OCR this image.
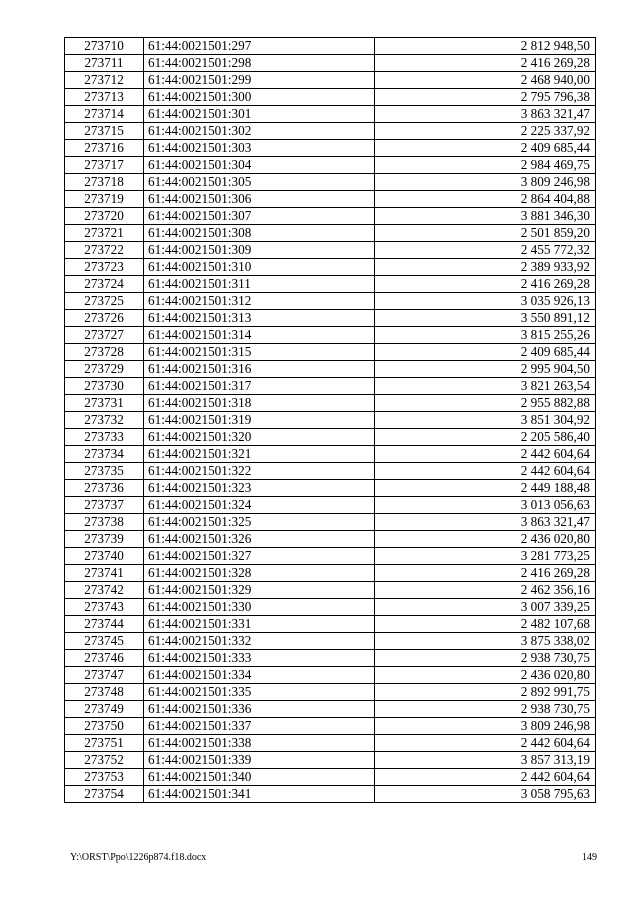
273710	61:44:0021501:297	2 812 948,50
273711	61:44:0021501:298	2 416 269,28
273712	61:44:0021501:299	2 468 940,00
273713	61:44:0021501:300	2 795 796,38
273714	61:44:0021501:301	3 863 321,47
273715	61:44:0021501:302	2 225 337,92
273716	61:44:0021501:303	2 409 685,44
273717	61:44:0021501:304	2 984 469,75
273718	61:44:0021501:305	3 809 246,98
273719	61:44:0021501:306	2 864 404,88
273720	61:44:0021501:307	3 881 346,30
273721	61:44:0021501:308	2 501 859,20
273722	61:44:0021501:309	2 455 772,32
273723	61:44:0021501:310	2 389 933,92
273724	61:44:0021501:311	2 416 269,28
273725	61:44:0021501:312	3 035 926,13
273726	61:44:0021501:313	3 550 891,12
273727	61:44:0021501:314	3 815 255,26
273728	61:44:0021501:315	2 409 685,44
273729	61:44:0021501:316	2 995 904,50
273730	61:44:0021501:317	3 821 263,54
273731	61:44:0021501:318	2 955 882,88
273732	61:44:0021501:319	3 851 304,92
273733	61:44:0021501:320	2 205 586,40
273734	61:44:0021501:321	2 442 604,64
273735	61:44:0021501:322	2 442 604,64
273736	61:44:0021501:323	2 449 188,48
273737	61:44:0021501:324	3 013 056,63
273738	61:44:0021501:325	3 863 321,47
273739	61:44:0021501:326	2 436 020,80
273740	61:44:0021501:327	3 281 773,25
273741	61:44:0021501:328	2 416 269,28
273742	61:44:0021501:329	2 462 356,16
273743	61:44:0021501:330	3 007 339,25
273744	61:44:0021501:331	2 482 107,68
273745	61:44:0021501:332	3 875 338,02
273746	61:44:0021501:333	2 938 730,75
273747	61:44:0021501:334	2 436 020,80
273748	61:44:0021501:335	2 892 991,75
273749	61:44:0021501:336	2 938 730,75
273750	61:44:0021501:337	3 809 246,98
273751	61:44:0021501:338	2 442 604,64
273752	61:44:0021501:339	3 857 313,19
273753	61:44:0021501:340	2 442 604,64
273754	61:44:0021501:341	3 058 795,63
Y:\ORST\Ppo\1226p874.f18.docx	149
